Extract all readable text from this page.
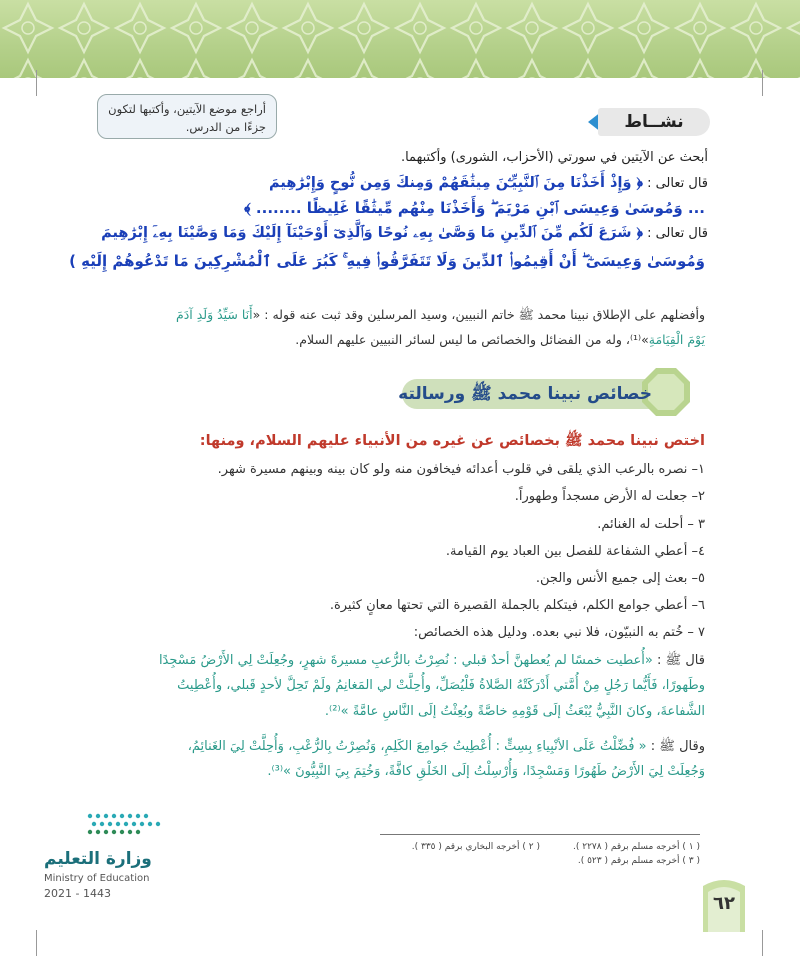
أراجع موضع الآيتين، وأكتبها لتكون جزءًا من الدرس.	نشــاط
أبحث عن الآيتين في سورتي (الأحزاب، الشورى) وأكتبهما.
قال تعالى : ﴿ وَإِذْ أَخَذْنَا مِنَ ٱلنَّبِيِّـۧنَ مِيثَٰقَهُمْ وَمِنكَ وَمِن نُّوحٍ وَإِبْرَٰهِيمَ
... وَمُوسَىٰ وَعِيسَى ٱبْنِ مَرْيَمَ ۖ وَأَخَذْنَا مِنْهُم مِّيثَٰقًا غَلِيظًا ........ ﴾
قال تعالى : ﴿ شَرَعَ لَكُم مِّنَ ٱلدِّينِ مَا وَصَّىٰ بِهِۦ نُوحًا وَٱلَّذِىٓ أَوْحَيْنَآ إِلَيْكَ وَمَا وَصَّيْنَا بِهِۦٓ إِبْرَٰهِيمَ
وَمُوسَىٰ وَعِيسَىٰٓ ۖ أَنْ أَقِيمُوا۟ ٱلدِّينَ وَلَا تَتَفَرَّقُوا۟ فِيهِ ۚ كَبُرَ عَلَى ٱلْمُشْرِكِينَ مَا تَدْعُوهُمْ إِلَيْهِ )
وأفضلهم على الإطلاق نبينا محمد ﷺ خاتم النبيين، وسيد المرسلين وقد ثبت عنه قوله : «أَنَا سَيِّدُ وَلَدِ آدَمَ
يَوْمَ الْقِيَامَةِ»⁽¹⁾، وله من الفضائل والخصائص ما ليس لسائر النبيين عليهم السلام.
خصائص نبينا محمد ﷺ ورسالته
اختص نبينا محمد ﷺ بخصائص عن غيره من الأنبياء عليهم السلام، ومنها:
١– نصره بالرعب الذي يلقى في قلوب أعدائه فيخافون منه ولو كان بينه وبينهم مسيرة شهر.
٢– جعلت له الأرض مسجداً وطهوراً.
٣ – أحلت له الغنائم.
٤– أعطي الشفاعة للفصل بين العباد يوم القيامة.
٥– بعث إلى جميع الأنس والجن.
٦– أعطي جوامع الكلم، فيتكلم بالجملة القصيرة التي تحتها معانٍ كثيرة.
٧ – خُتم به النبيّون، فلا نبي بعده. ودليل هذه الخصائص:
قال ﷺ : «أُعطيت خمسًا لم يُعطهنَّ أحدٌ قبلي : نُصِرْتُ بالرُّعبِ مسيرةَ شهرٍ، وجُعِلَتْ لِي الأَرْضُ مَسْجِدًا
وطَهورًا، فَأَيُّما رَجُلٍ مِنْ أُمَّتي أَدْرَكَتْهُ الصَّلاةُ فَلْيُصَلِّ، وأُحِلَّتْ لي المَغانِمُ ولَمْ تَحِلَّ لأحدٍ قَبلي، وأُعْطِيتُ
الشَّفاعةَ، وكانَ النَّبِيُّ يُبْعَثُ إلَى قَوْمِهِ خاصَّةً وبُعِثْتُ إلَى النَّاسِ عامَّةً »⁽²⁾.
وقال ﷺ : « فُضِّلْتُ عَلَى الأنْبِياءِ بِسِتٍّ : أُعْطِيتُ جَوامِعَ الكَلِمِ، وَنُصِرْتُ بِالرُّعْبِ، وَأُحِلَّتْ لِيَ الغَنائِمُ،
وَجُعِلَتْ لِيَ الأَرْضُ طَهُورًا وَمَسْجِدًا، وَأُرْسِلْتُ إلَى الخَلْقِ كافَّةً، وَخُتِمَ بِيَ النَّبِيُّونَ »⁽³⁾.
( ١ ) أخرجه مسلم برقم ( ٢٢٧٨ ).
( ٢ ) أخرجه البخاري برقم ( ٣٣٥ ).
( ٣ ) أخرجه مسلم برقم ( ٥٢٣ ).
وزارة التعليم
Ministry of Education
2021 - 1443	٦٢
